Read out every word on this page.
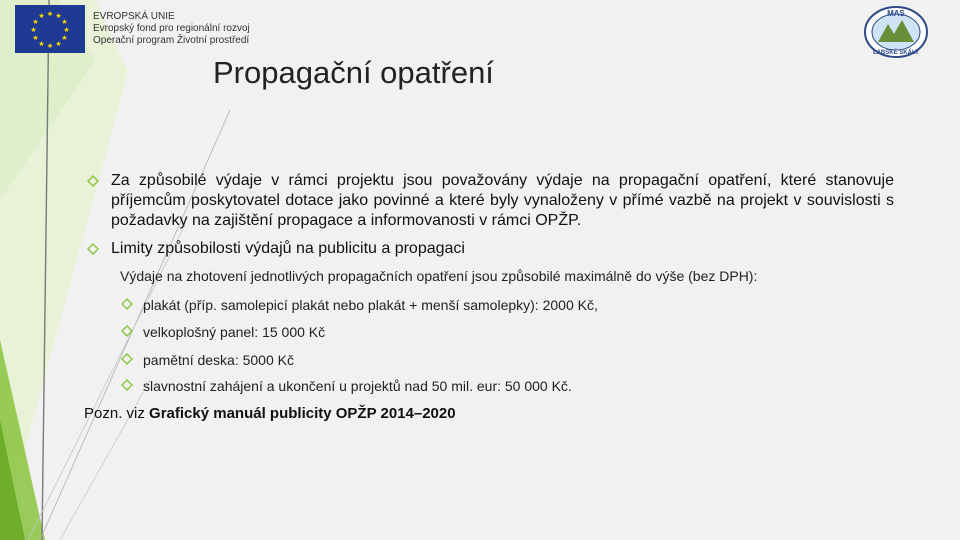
★ ★
★
★
★
★
★
★
★
★
★
★	EVROPSKÁ UNIE
Evropský fond pro regionální rozvoj
Operační program Životní prostředí
MAS
LABSKÉ SKÁLY
Propagační opatření
Za způsobilé výdaje v rámci projektu jsou považovány výdaje na propagační opatření, které stanovuje příjemcům poskytovatel dotace jako povinné a které byly vynaloženy v přímé vazbě na projekt v souvislosti s požadavky na zajištění propagace a informovanosti v rámci OPŽP.
Limity způsobilosti výdajů na publicitu a propagaci
Výdaje na zhotovení jednotlivých propagačních opatření jsou způsobilé maximálně do výše (bez DPH):
plakát (příp. samolepicí plakát nebo plakát + menší samolepky): 2000 Kč,
velkoplošný panel: 15 000 Kč
pamětní deska: 5000 Kč
slavnostní zahájení a ukončení u projektů nad 50 mil. eur: 50 000 Kč.
Pozn. viz Grafický manuál publicity OPŽP 2014–2020
